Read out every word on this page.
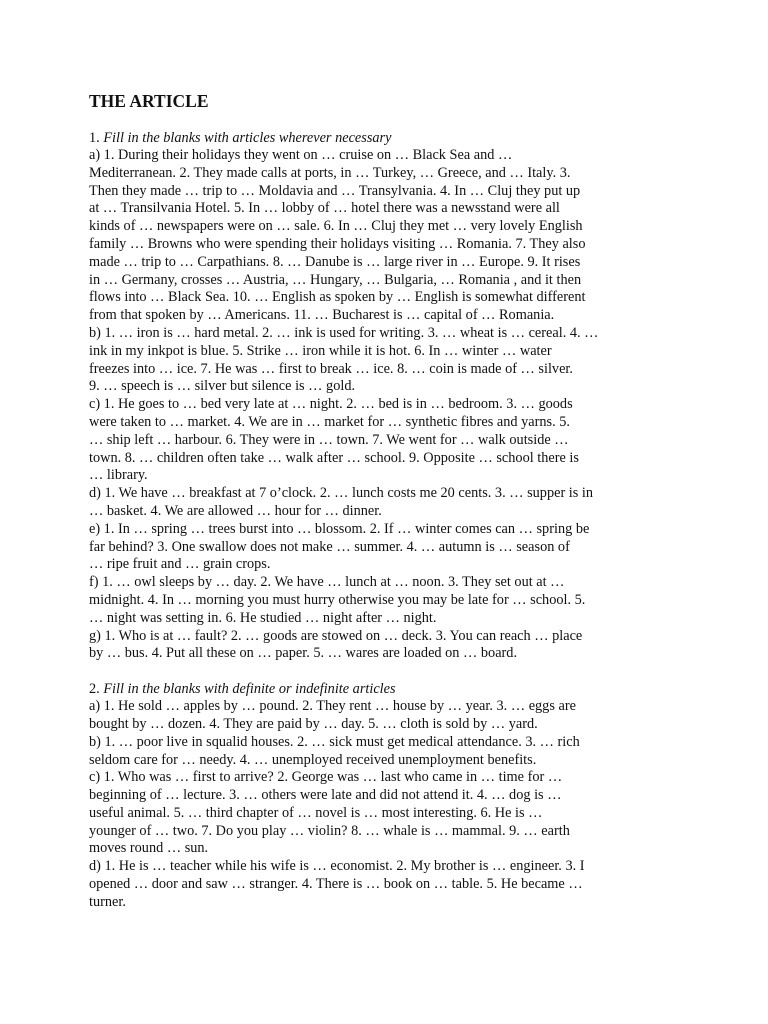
THE ARTICLE
1. Fill in the blanks with articles wherever necessary
a) 1. During their holidays they went on … cruise on … Black Sea and …
Mediterranean. 2. They made calls at ports, in … Turkey, … Greece, and … Italy. 3.
Then they made … trip to … Moldavia and … Transylvania. 4. In … Cluj they put up
at … Transilvania Hotel. 5. In … lobby of … hotel there was a newsstand were all
kinds of … newspapers were on … sale. 6. In … Cluj they met … very lovely English
family … Browns who were spending their holidays visiting … Romania. 7. They also
made … trip to … Carpathians. 8. … Danube is … large river in … Europe. 9. It rises
in … Germany, crosses … Austria, … Hungary, … Bulgaria, … Romania , and it then
flows into … Black Sea. 10. … English as spoken by … English is somewhat different
from that spoken by … Americans. 11. … Bucharest is … capital of … Romania.
b) 1. … iron is … hard metal. 2. … ink is used for writing. 3. … wheat is … cereal. 4. …
ink in my inkpot is blue. 5. Strike … iron while it is hot. 6. In … winter … water
freezes into … ice. 7. He was … first to break … ice. 8. … coin is made of … silver.
9. … speech is … silver but silence is … gold.
c) 1. He goes to … bed very late at … night. 2. … bed is in … bedroom. 3. … goods
were taken to … market. 4. We are in … market for … synthetic fibres and yarns. 5.
… ship left … harbour. 6. They were in … town. 7. We went for … walk outside …
town. 8. … children often take … walk after … school. 9. Opposite … school there is
… library.
d) 1. We have … breakfast at 7 o’clock. 2. … lunch costs me 20 cents. 3. … supper is in
… basket. 4. We are allowed … hour for … dinner.
e) 1. In … spring … trees burst into … blossom. 2. If … winter comes can … spring be
far behind? 3. One swallow does not make … summer. 4. … autumn is … season of
… ripe fruit and … grain crops.
f) 1. … owl sleeps by … day. 2. We have … lunch at … noon. 3. They set out at …
midnight. 4. In … morning you must hurry otherwise you may be late for … school. 5.
… night was setting in. 6. He studied … night after … night.
g) 1. Who is at … fault? 2. … goods are stowed on … deck. 3. You can reach … place
by … bus. 4. Put all these on … paper. 5. … wares are loaded on … board.
2. Fill in the blanks with definite or indefinite articles
a) 1. He sold … apples by … pound. 2. They rent … house by … year. 3. … eggs are
bought by … dozen. 4. They are paid by … day. 5. … cloth is sold by … yard.
b) 1. … poor live in squalid houses. 2. … sick must get medical attendance. 3. … rich
seldom care for … needy. 4. … unemployed received unemployment benefits.
c) 1. Who was … first to arrive? 2. George was … last who came in … time for …
beginning of … lecture. 3. … others were late and did not attend it. 4. … dog is …
useful animal. 5. … third chapter of … novel is … most interesting. 6. He is …
younger of … two. 7. Do you play … violin? 8. … whale is … mammal. 9. … earth
moves round … sun.
d) 1. He is … teacher while his wife is … economist. 2. My brother is … engineer. 3. I
opened … door and saw … stranger. 4. There is … book on … table. 5. He became …
turner.
